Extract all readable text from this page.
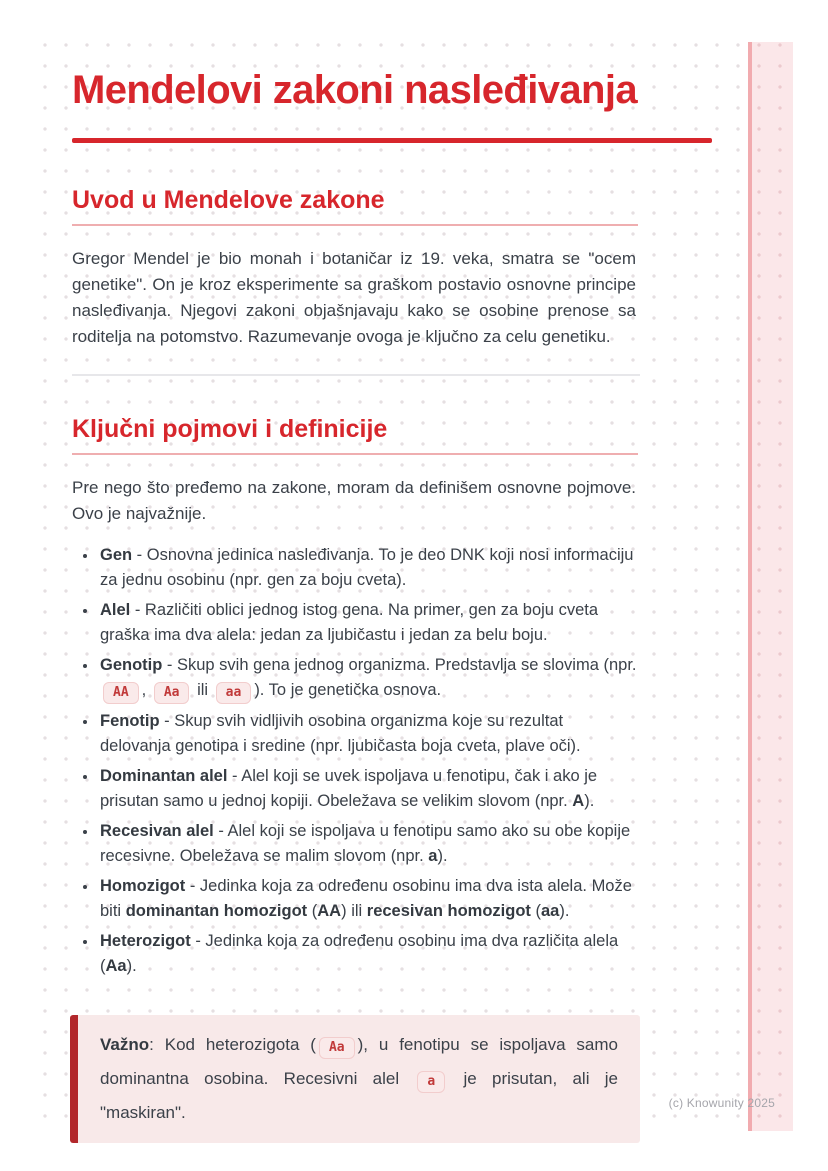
Mendelovi zakoni nasleđivanja
Uvod u Mendelove zakone

Gregor Mendel je bio monah i botaničar iz 19. veka, smatra se "ocem genetike". On je kroz eksperimente sa graškom postavio osnovne principe nasleđivanja. Njegovi zakoni objašnjavaju kako se osobine prenose sa roditelja na potomstvo. Razumevanje ovoga je ključno za celu genetiku.

Ključni pojmovi i definicije

Pre nego što pređemo na zakone, moram da definišem osnovne pojmove. Ovo je najvažnije.

• Gen - Osnovna jedinica nasleđivanja. To je deo DNK koji nosi informaciju za jednu osobinu (npr. gen za boju cveta).
• Alel - Različiti oblici jednog istog gena. Na primer, gen za boju cveta graška ima dva alela: jedan za ljubičastu i jedan za belu boju.
• Genotip - Skup svih gena jednog organizma. Predstavlja se slovima (npr. AA , Aa ili aa ). To je genetička osnova.
• Fenotip - Skup svih vidljivih osobina organizma koje su rezultat delovanja genotipa i sredine (npr. ljubičasta boja cveta, plave oči).
• Dominantan alel - Alel koji se uvek ispoljava u fenotipu, čak i ako je prisutan samo u jednoj kopiji. Obeležava se velikim slovom (npr. A).
• Recesivan alel - Alel koji se ispoljava u fenotipu samo ako su obe kopije recesivne. Obeležava se malim slovom (npr. a).
• Homozigot - Jedinka koja za određenu osobinu ima dva ista alela. Može biti dominantan homozigot (AA) ili recesivan homozigot (aa).
• Heterozigot - Jedinka koja za određenu osobinu ima dva različita alela (Aa).
Važno: Kod heterozigota ( Aa ), u fenotipu se ispoljava samo dominantna osobina. Recesivni alel a je prisutan, ali je "maskiran".	(c) Knowunity 2025
